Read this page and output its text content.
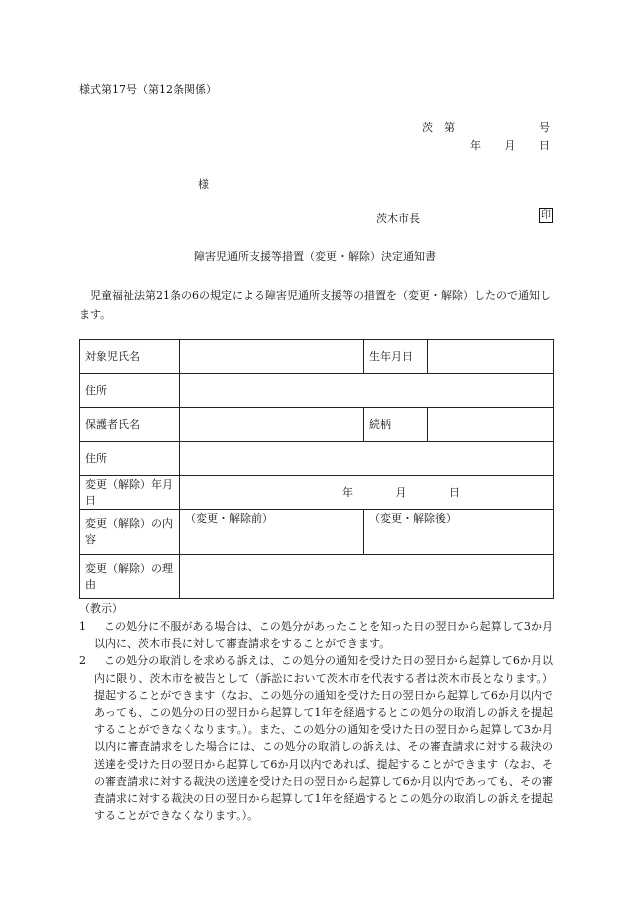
様式第17号（第12条関係）
茨　第	号
年 月 日
様
茨木市長	印
障害児通所支援等措置（変更・解除）決定通知書
児童福祉法第21条の6の規定による障害児通所支援等の措置を（変更・解除）したので通知します。
対象児氏名		生年月日	
住所			
保護者氏名		続柄	
住所			
変更（解除）年月日	年 月 日		

変更（解除）の内容	（変更・解除前）	（変更・解除後）	
変更（解除）の理由			
（教示）
1	この処分に不服がある場合は、この処分があったことを知った日の翌日から起算して3か月以内に、茨木市長に対して審査請求をすることができます。
2	この処分の取消しを求める訴えは、この処分の通知を受けた日の翌日から起算して6か月以内に限り、茨木市を被告として（訴訟において茨木市を代表する者は茨木市長となります。）提起することができます（なお、この処分の通知を受けた日の翌日から起算して6か月以内であっても、この処分の日の翌日から起算して1年を経過するとこの処分の取消しの訴えを提起することができなくなります。）。また、この処分の通知を受けた日の翌日から起算して3か月以内に審査請求をした場合には、この処分の取消しの訴えは、その審査請求に対する裁決の送達を受けた日の翌日から起算して6か月以内であれば、提起することができます（なお、その審査請求に対する裁決の送達を受けた日の翌日から起算して6か月以内であっても、その審査請求に対する裁決の日の翌日から起算して1年を経過するとこの処分の取消しの訴えを提起することができなくなります。）。
